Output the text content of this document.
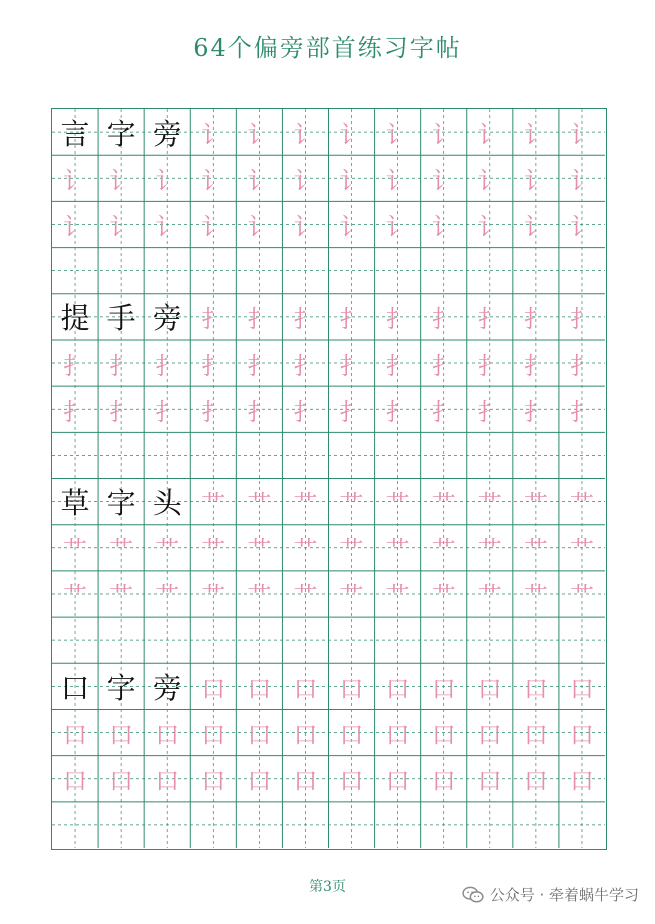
64个偏旁部首练习字帖
言 字 旁 讠 讠 讠 讠 讠 讠 讠 讠 讠
讠 讠 讠 讠 讠 讠 讠 讠 讠 讠 讠 讠
讠 讠 讠 讠 讠 讠 讠 讠 讠 讠 讠 讠
提 手 旁 扌 扌 扌 扌 扌 扌 扌 扌 扌
扌 扌 扌 扌 扌 扌 扌 扌 扌 扌 扌 扌
扌 扌 扌 扌 扌 扌 扌 扌 扌 扌 扌 扌
草 字 头 艹 艹 艹 艹 艹 艹 艹 艹 艹
艹 艹 艹 艹 艹 艹 艹 艹 艹 艹 艹 艹
艹 艹 艹 艹 艹 艹 艹 艹 艹 艹 艹 艹
口 字 旁 口 口 口 口 口 口 口 口 口
口 口 口 口 口 口 口 口 口 口 口 口
口 口 口 口 口 口 口 口 口 口 口 口
第3页	公众号 · 牵着蜗牛学习
